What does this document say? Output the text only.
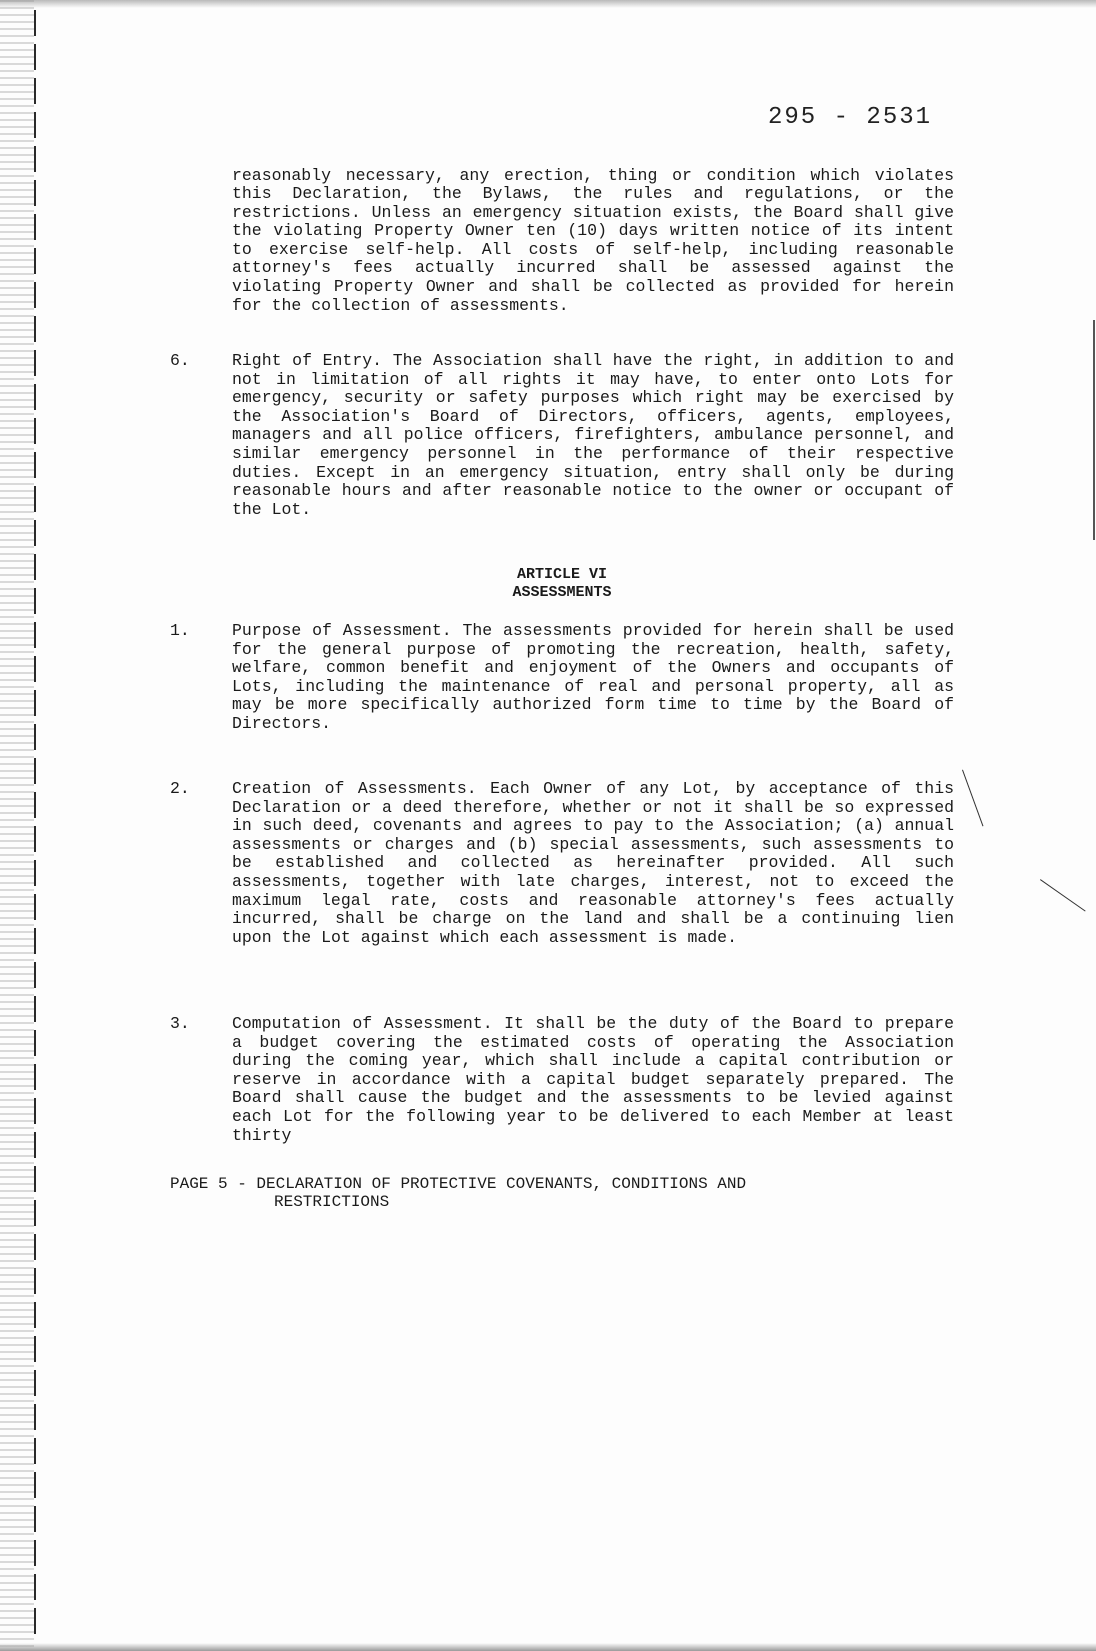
295 - 2531

reasonably necessary, any erection, thing or condition which violates this Declaration, the Bylaws, the rules and regulations, or the restrictions. Unless an emergency situation exists, the Board shall give the violating Property Owner ten (10) days written notice of its intent to exercise self-help. All costs of self-help, including reasonable attorney's fees actually incurred shall be assessed against the violating Property Owner and shall be collected as provided for herein for the collection of assessments.

6.	Right of Entry. The Association shall have the right, in addition to and not in limitation of all rights it may have, to enter onto Lots for emergency, security or safety purposes which right may be exercised by the Association's Board of Directors, officers, agents, employees, managers and all police officers, firefighters, ambulance personnel, and similar emergency personnel in the performance of their respective duties. Except in an emergency situation, entry shall only be during reasonable hours and after reasonable notice to the owner or occupant of the Lot.
ARTICLE VI
ASSESSMENTS
1.	Purpose of Assessment. The assessments provided for herein shall be used for the general purpose of promoting the recreation, health, safety, welfare, common benefit and enjoyment of the Owners and occupants of Lots, including the maintenance of real and personal property, all as may be more specifically authorized form time to time by the Board of Directors.
2.	Creation of Assessments. Each Owner of any Lot, by acceptance of this Declaration or a deed therefore, whether or not it shall be so expressed in such deed, covenants and agrees to pay to the Association; (a) annual assessments or charges and (b) special assessments, such assessments to be established and collected as hereinafter provided. All such assessments, together with late charges, interest, not to exceed the maximum legal rate, costs and reasonable attorney's fees actually incurred, shall be charge on the land and shall be a continuing lien upon the Lot against which each assessment is made.
3.	Computation of Assessment. It shall be the duty of the Board to prepare a budget covering the estimated costs of operating the Association during the coming year, which shall include a capital contribution or reserve in accordance with a capital budget separately prepared. The Board shall cause the budget and the assessments to be levied against each Lot for the following year to be delivered to each Member at least thirty
PAGE 5 - DECLARATION OF PROTECTIVE COVENANTS, CONDITIONS AND
RESTRICTIONS
